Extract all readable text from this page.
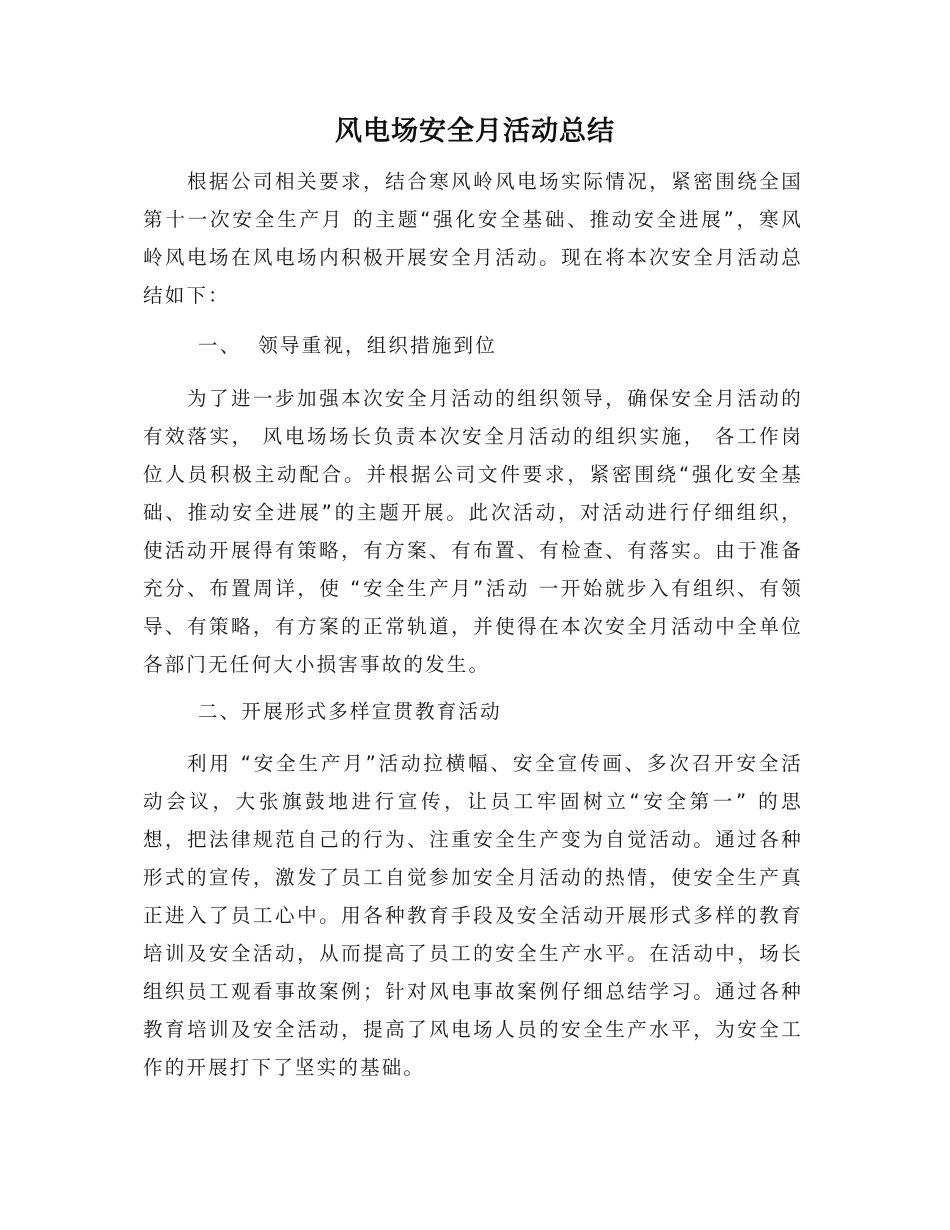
风电场安全月活动总结

根据公司相关要求，结合寒风岭风电场实际情况，紧密围绕全国第十一次安全生产月 的主题“强化安全基础、推动安全进展”，寒风岭风电场在风电场内积极开展安全月活动。现在将本次安全月活动总结如下：

一、  领导重视，组织措施到位

为了进一步加强本次安全月活动的组织领导，确保安全月活动的有效落实， 风电场场长负责本次安全月活动的组织实施， 各工作岗位人员积极主动配合。并根据公司文件要求，紧密围绕“强化安全基础、推动安全进展”的主题开展。此次活动，对活动进行仔细组织，使活动开展得有策略，有方案、有布置、有检查、有落实。由于准备充分、布置周详，使 “安全生产月”活动 一开始就步入有组织、有领导、有策略，有方案的正常轨道，并使得在本次安全月活动中全单位各部门无任何大小损害事故的发生。

二、开展形式多样宣贯教育活动

利用 “安全生产月”活动拉横幅、安全宣传画、多次召开安全活动会议，大张旗鼓地进行宣传，让员工牢固树立“安全第一” 的思想，把法律规范自己的行为、注重安全生产变为自觉活动。通过各种形式的宣传，激发了员工自觉参加安全月活动的热情，使安全生产真正进入了员工心中。用各种教育手段及安全活动开展形式多样的教育培训及安全活动，从而提高了员工的安全生产水平。在活动中，场长组织员工观看事故案例；针对风电事故案例仔细总结学习。通过各种教育培训及安全活动，提高了风电场人员的安全生产水平，为安全工作的开展打下了坚实的基础。
